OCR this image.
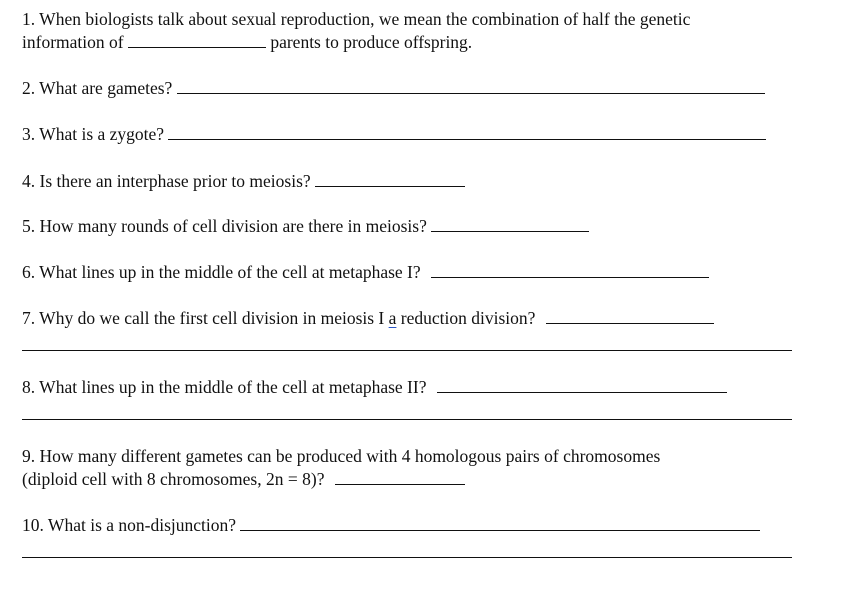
1. When biologists talk about sexual reproduction, we mean the combination of half the genetic
information of	parents to produce offspring.
2. What are gametes?
3. What is a zygote?
4. Is there an interphase prior to meiosis?
5. How many rounds of cell division are there in meiosis?
6. What lines up in the middle of the cell at metaphase I?
7. Why do we call the first cell division in meiosis I a reduction division?
8. What lines up in the middle of the cell at metaphase II?
9. How many different gametes can be produced with 4 homologous pairs of chromosomes
(diploid cell with 8 chromosomes, 2n = 8)?
10. What is a non-disjunction?
